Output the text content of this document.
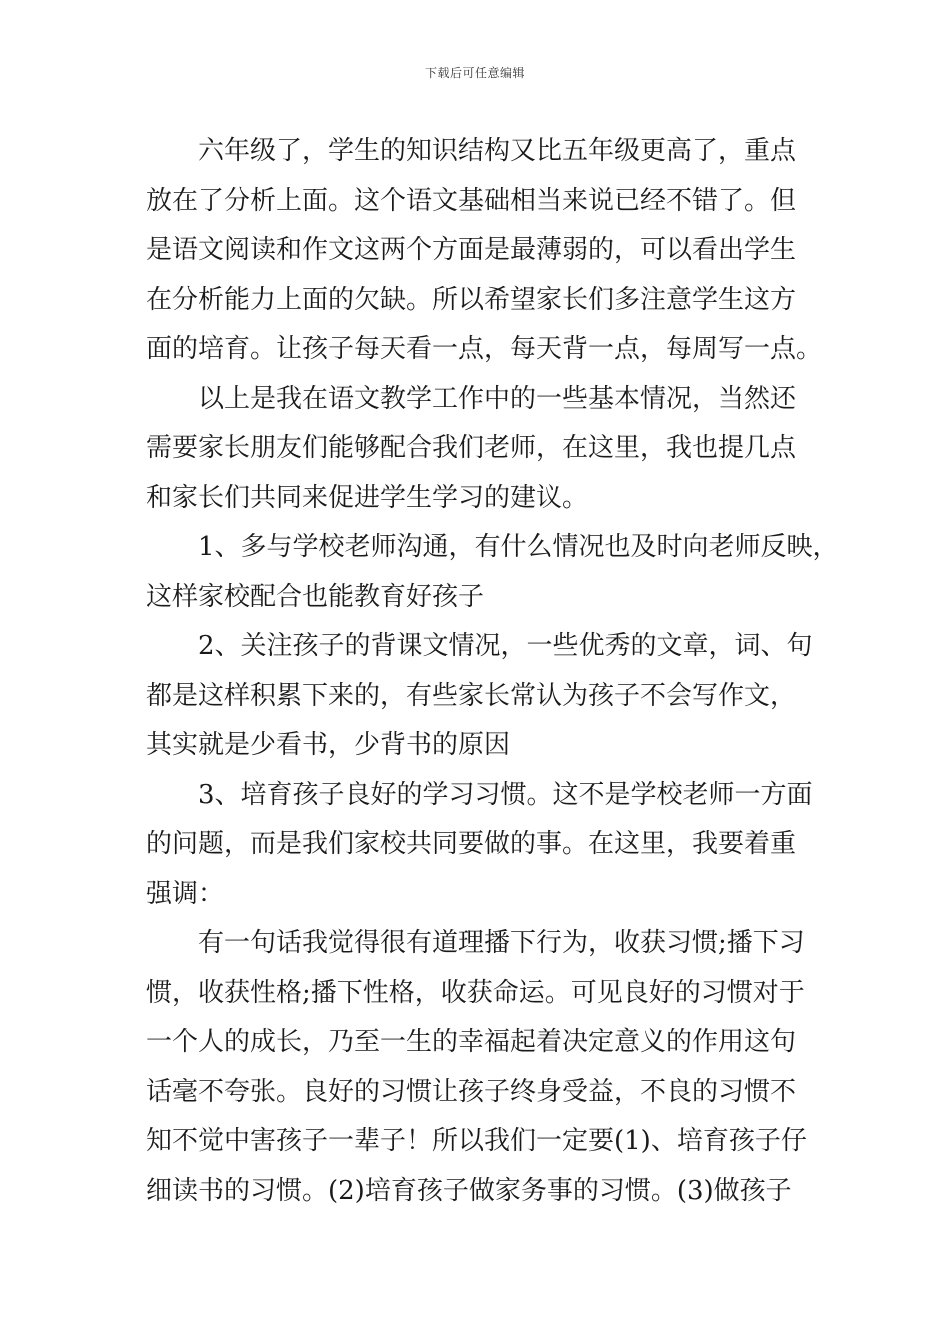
下载后可任意编辑
六年级了，学生的知识结构又比五年级更高了，重点
放在了分析上面。这个语文基础相当来说已经不错了。但
是语文阅读和作文这两个方面是最薄弱的，可以看出学生
在分析能力上面的欠缺。所以希望家长们多注意学生这方
面的培育。让孩子每天看一点，每天背一点，每周写一点。
以上是我在语文教学工作中的一些基本情况，当然还
需要家长朋友们能够配合我们老师，在这里，我也提几点
和家长们共同来促进学生学习的建议。
1、多与学校老师沟通，有什么情况也及时向老师反映，
这样家校配合也能教育好孩子
2、关注孩子的背课文情况，一些优秀的文章，词、句
都是这样积累下来的，有些家长常认为孩子不会写作文，
其实就是少看书，少背书的原因
3、培育孩子良好的学习习惯。这不是学校老师一方面
的问题，而是我们家校共同要做的事。在这里，我要着重
强调：
有一句话我觉得很有道理播下行为，收获习惯;播下习
惯，收获性格;播下性格，收获命运。可见良好的习惯对于
一个人的成长，乃至一生的幸福起着决定意义的作用这句
话毫不夸张。良好的习惯让孩子终身受益，不良的习惯不
知不觉中害孩子一辈子！所以我们一定要(1)、培育孩子仔
细读书的习惯。(2)培育孩子做家务事的习惯。(3)做孩子
